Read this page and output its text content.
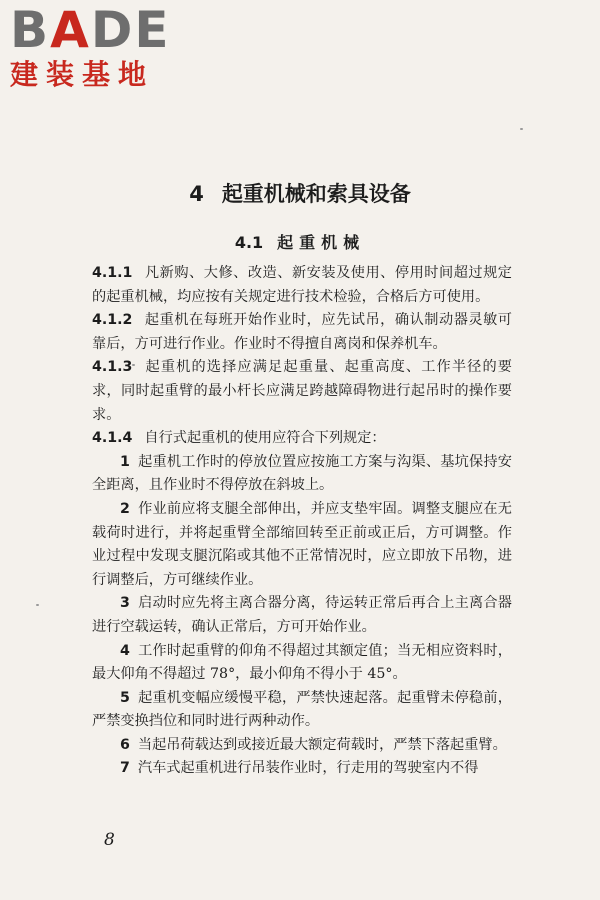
BADE
建装基地
4 起重机械和索具设备
4.1 起重机械

4.1.1 凡新购、大修、改造、新安装及使用、停用时间超过规定的起重机械，均应按有关规定进行技术检验，合格后方可使用。

4.1.2 起重机在每班开始作业时，应先试吊，确认制动器灵敏可靠后，方可进行作业。作业时不得擅自离岗和保养机车。

4.1.3 起重机的选择应满足起重量、起重高度、工作半径的要求，同时起重臂的最小杆长应满足跨越障碍物进行起吊时的操作要求。

4.1.4 自行式起重机的使用应符合下列规定：

1 起重机工作时的停放位置应按施工方案与沟渠、基坑保持安全距离，且作业时不得停放在斜坡上。

2 作业前应将支腿全部伸出，并应支垫牢固。调整支腿应在无载荷时进行，并将起重臂全部缩回转至正前或正后，方可调整。作业过程中发现支腿沉陷或其他不正常情况时，应立即放下吊物，进行调整后，方可继续作业。

3 启动时应先将主离合器分离，待运转正常后再合上主离合器进行空载运转，确认正常后，方可开始作业。

4 工作时起重臂的仰角不得超过其额定值；当无相应资料时，最大仰角不得超过 78°，最小仰角不得小于 45°。

5 起重机变幅应缓慢平稳，严禁快速起落。起重臂未停稳前，严禁变换挡位和同时进行两种动作。

6 当起吊荷载达到或接近最大额定荷载时，严禁下落起重臂。

7 汽车式起重机进行吊装作业时，行走用的驾驶室内不得

8
